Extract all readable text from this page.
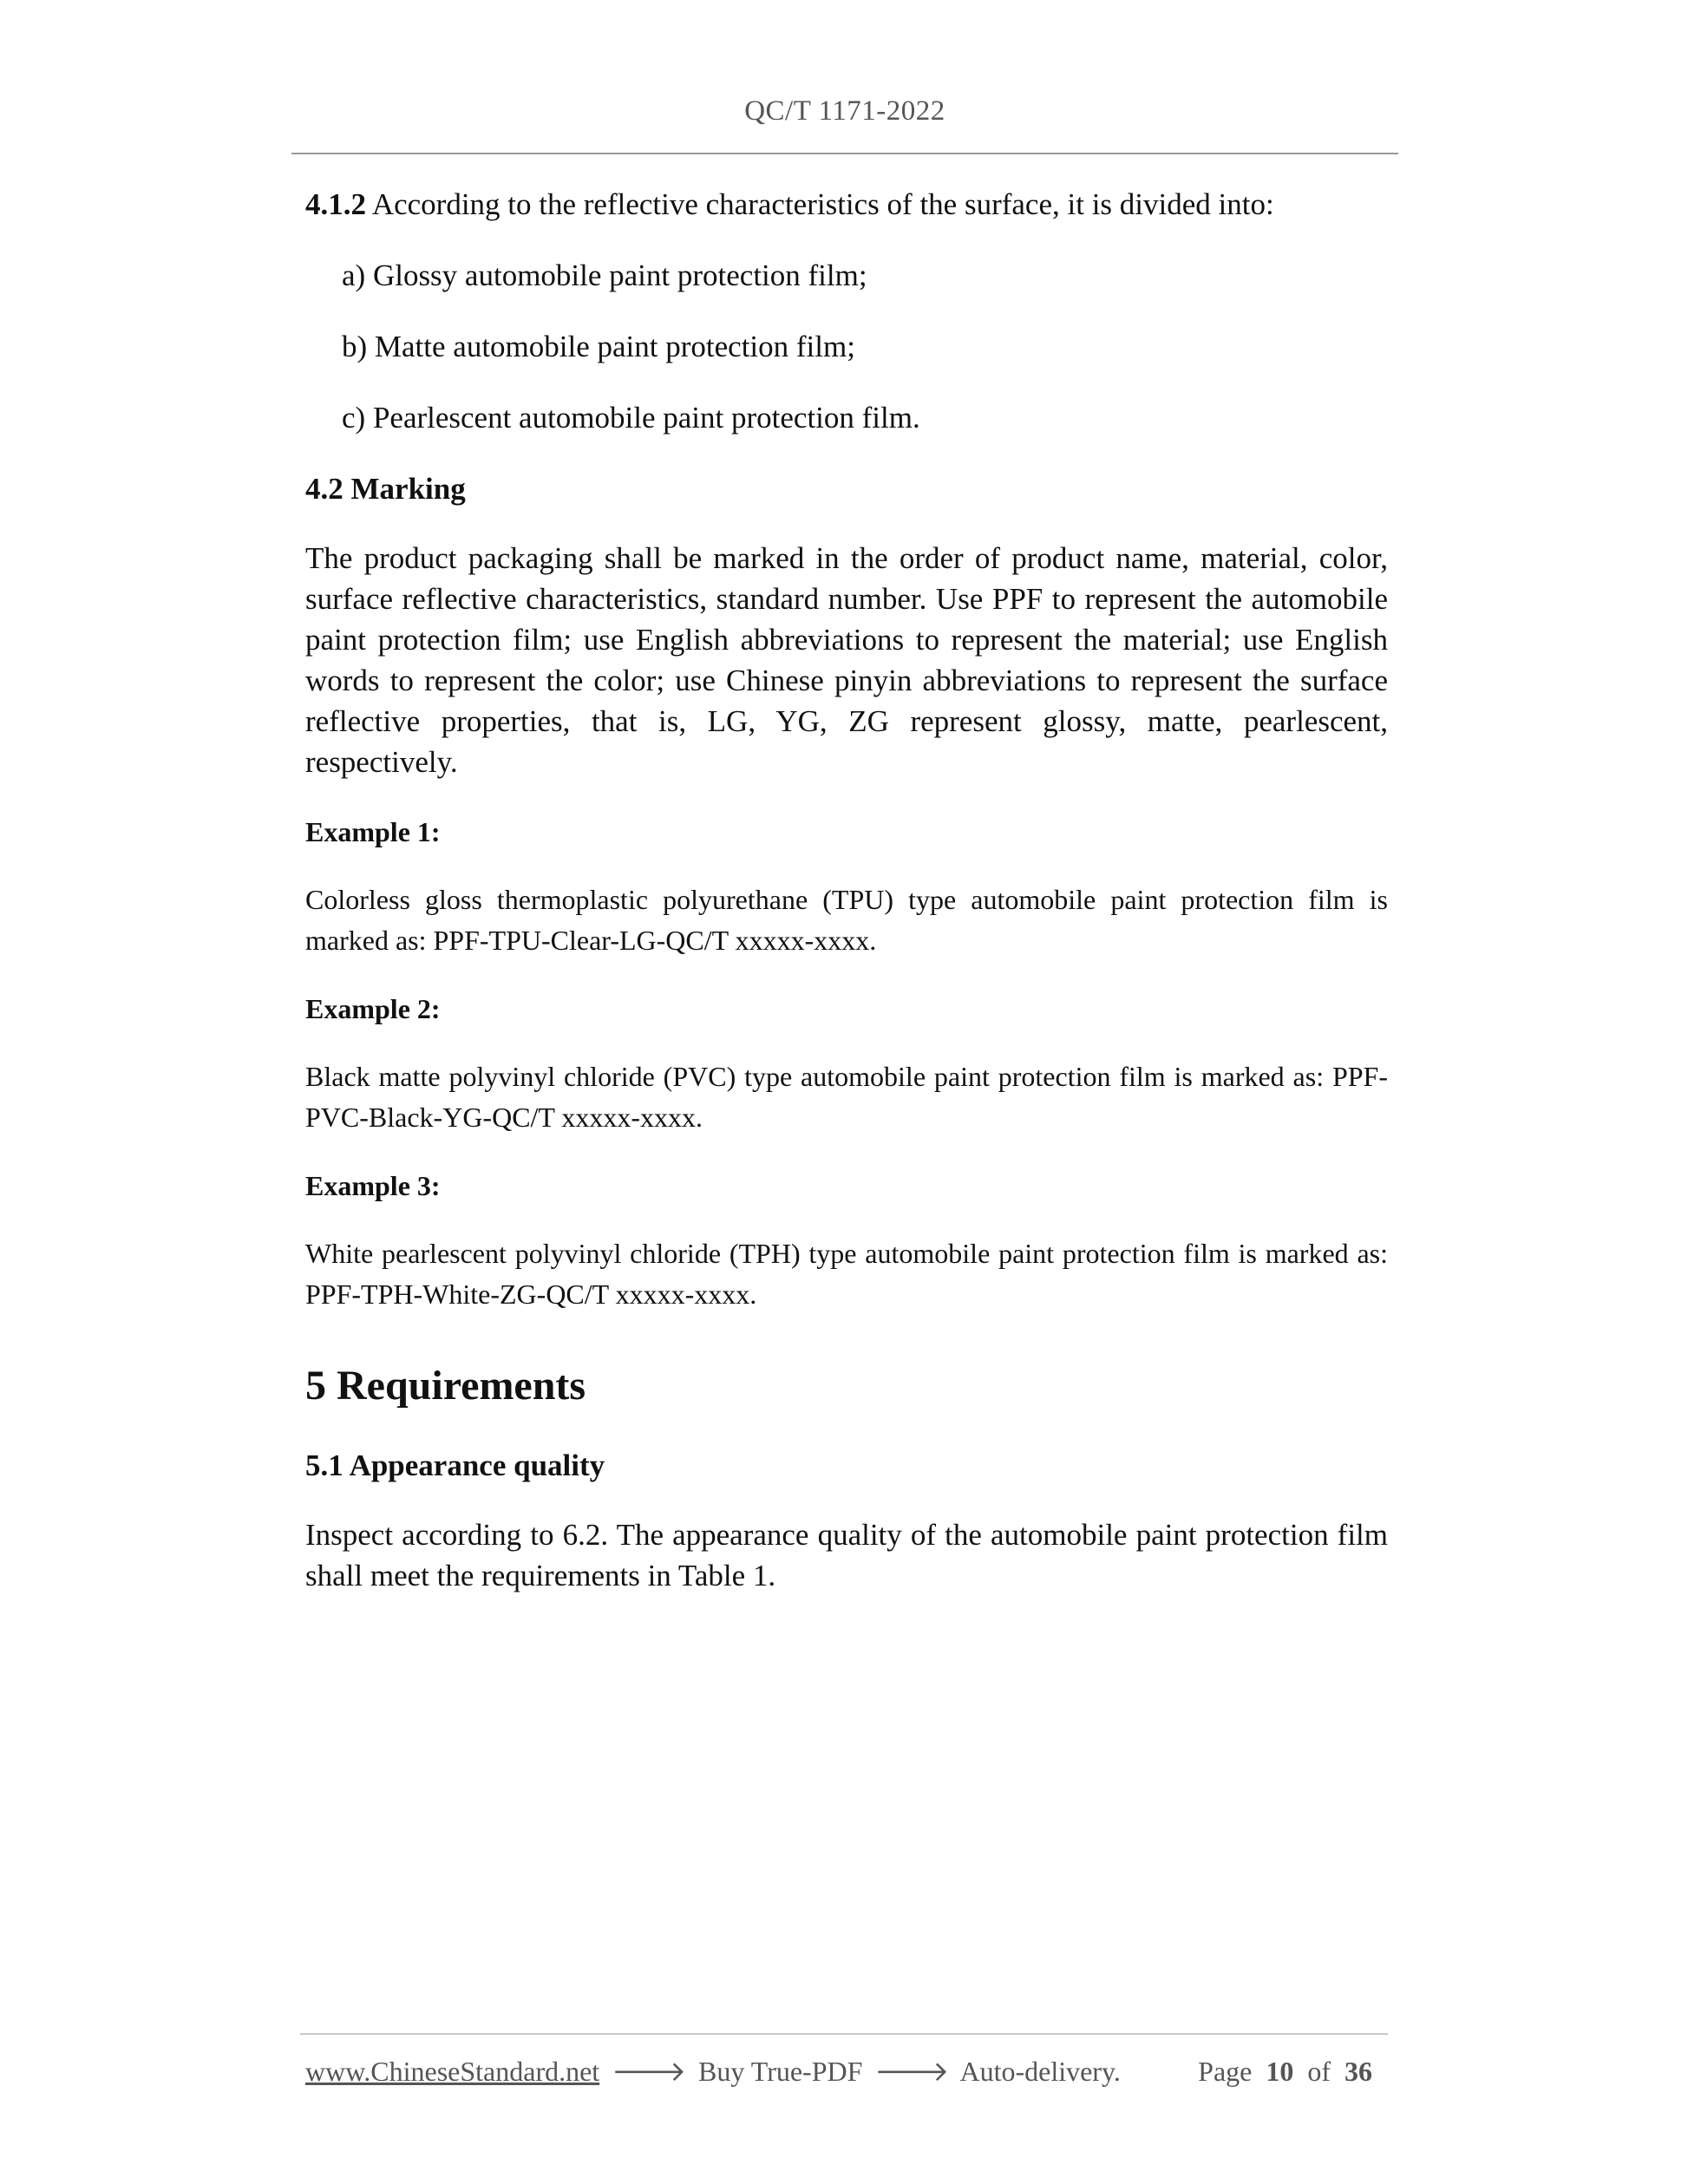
QC/T 1171-2022

4.1.2 According to the reflective characteristics of the surface, it is divided into:

a) Glossy automobile paint protection film;

b) Matte automobile paint protection film;

c) Pearlescent automobile paint protection film.

4.2 Marking

The product packaging shall be marked in the order of product name, material, color, surface reflective characteristics, standard number. Use PPF to represent the automobile paint protection film; use English abbreviations to represent the material; use English words to represent the color; use Chinese pinyin abbreviations to represent the surface reflective properties, that is, LG, YG, ZG represent glossy, matte, pearlescent, respectively.

Example 1:

Colorless gloss thermoplastic polyurethane (TPU) type automobile paint protection film is marked as: PPF-TPU-Clear-LG-QC/T xxxxx-xxxx.

Example 2:

Black matte polyvinyl chloride (PVC) type automobile paint protection film is marked as: PPF-PVC-Black-YG-QC/T xxxxx-xxxx.

Example 3:

White pearlescent polyvinyl chloride (TPH) type automobile paint protection film is marked as: PPF-TPH-White-ZG-QC/T xxxxx-xxxx.

5 Requirements
5.1 Appearance quality

Inspect according to 6.2. The appearance quality of the automobile paint protection film shall meet the requirements in Table 1.

www.ChineseStandard.net 🡒 Buy True-PDF 🡒 Auto-delivery.	Page 10 of 36
